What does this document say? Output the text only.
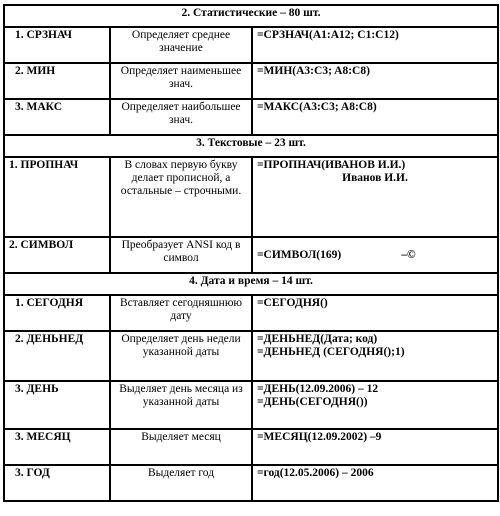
2. Статистические – 80 шт.		
1. СРЗНАЧ	Определяет среднее значение	=СРЗНАЧ(A1:A12; C1:C12)

2. МИН	Определяет наименьшее знач.	=МИН(A3:C3; A8:C8)

3. МАКС	Определяет наибольшее знач.	=МАКС(A3:C3; A8:C8)

3. Текстовые – 23 шт.		
1. ПРОПНАЧ	В словах первую букву делает прописной, а остальные – строчными.	=ПРОПНАЧ(ИВАНОВ И.И.)
Иванов И.И.

2. СИМВОЛ	Преобразует ANSI код в символ	=СИМВОЛ(169) –©
4. Дата и время – 14 шт.		
1. СЕГОДНЯ	Вставляет сегодняшнюю дату	=СЕГОДНЯ()

2. ДЕНЬНЕД	Определяет день недели указанной даты	=ДЕНЬНЕД(Дата; код)
=ДЕНЬНЕД (СЕГОДНЯ();1)

3. ДЕНЬ	Выделяет день месяца из указанной даты	=ДЕНЬ(12.09.2006) – 12
=ДЕНЬ(СЕГОДНЯ())

3. МЕСЯЦ	Выделяет месяц	=МЕСЯЦ(12.09.2002) –9

3. ГОД	Выделяет год	=год(12.05.2006) – 2006
